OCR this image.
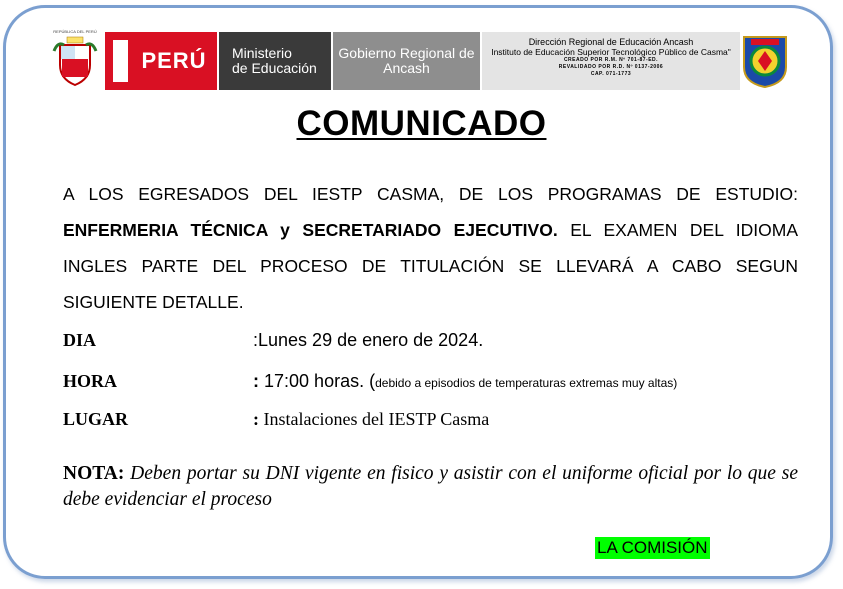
REPÚBLICA DEL PERÚ
PERÚ Ministerio
de Educación
Gobierno Regional de
Ancash
Dirección Regional de Educación Ancash
Instituto de Educación Superior Tecnológico Público de Casma"
CREADO POR R.M. Nº 701-87-ED.
REVALIDADO POR R.D. Nº 0137-2006
CAP. 071-1773
COMUNICADO
A LOS EGRESADOS DEL IESTP CASMA, DE LOS PROGRAMAS DE ESTUDIO: ENFERMERIA TÉCNICA y SECRETARIADO EJECUTIVO. EL EXAMEN DEL IDIOMA INGLES PARTE DEL PROCESO DE TITULACIÓN SE LLEVARÁ A CABO SEGUN SIGUIENTE DETALLE.
DIA	:Lunes 29 de enero de 2024.
HORA	: 17:00 horas. (debido a episodios de temperaturas extremas muy altas)
LUGAR	: Instalaciones del IESTP Casma
NOTA: Deben portar su DNI vigente en fisico y asistir con el uniforme oficial por lo que se debe evidenciar el proceso
LA COMISIÓN
